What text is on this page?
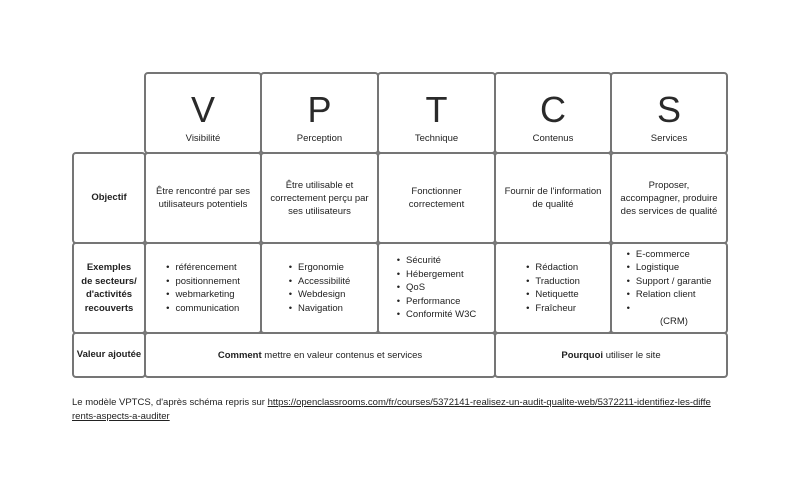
V
Visibilité
P
Perception
T
Technique
C
Contenus
S
Services
Objectif
Être rencontré par ses utilisateurs potentiels
Être utilisable et correctement perçu par ses utilisateurs
Fonctionner correctement
Fournir de l'information de qualité
Proposer, accompagner, produire des services de qualité
Exemples de secteurs/ d'activités recouverts
• référencement
• positionnement
• webmarketing
• communication
• Ergonomie
• Accessibilité
• Webdesign
• Navigation
• Sécurité
• Hébergement
• QoS
• Performance
• Conformité W3C
• Rédaction
• Traduction
• Netiquette
• Fraîcheur
• E-commerce
• Logistique
• Support / garantie
• Relation client
• (CRM)
Valeur ajoutée	Comment mettre en valeur contenus et services	Pourquoi utiliser le site
Le modèle VPTCS, d'après schéma repris sur https://openclassrooms.com/fr/courses/5372141-realisez-un-audit-qualite-web/5372211-identifiez-les-differents-aspects-a-auditer
